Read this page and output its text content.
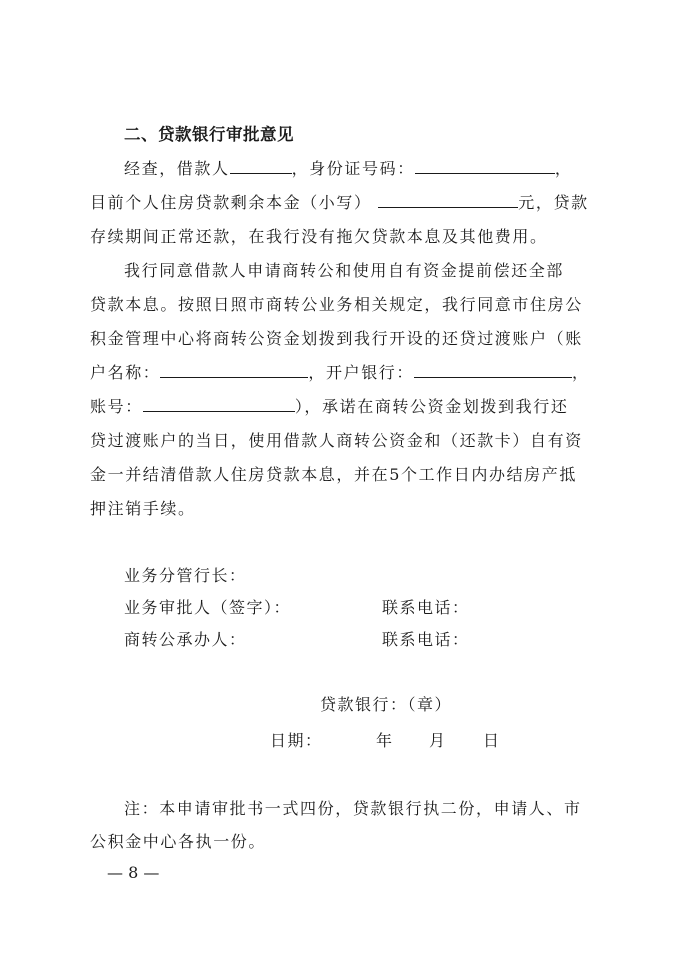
二、贷款银行审批意见
经查，借款人	，身份证号码：	，
目前个人住房贷款剩余本金（小写）	元，贷款
存续期间正常还款，在我行没有拖欠贷款本息及其他费用。
我行同意借款人申请商转公和使用自有资金提前偿还全部
贷款本息。按照日照市商转公业务相关规定，我行同意市住房公
积金管理中心将商转公资金划拨到我行开设的还贷过渡账户（账
户名称：	，开户银行：	，
账号：	），承诺在商转公资金划拨到我行还
贷过渡账户的当日，使用借款人商转公资金和（还款卡）自有资
金一并结清借款人住房贷款本息，并在5个工作日内办结房产抵
押注销手续。
业务分管行长：
业务审批人（签字）：	联系电话：
商转公承办人：	联系电话：
贷款银行：（章）
日期：	年 月 日
注：本申请审批书一式四份，贷款银行执二份，申请人、市
公积金中心各执一份。
— 8 —
